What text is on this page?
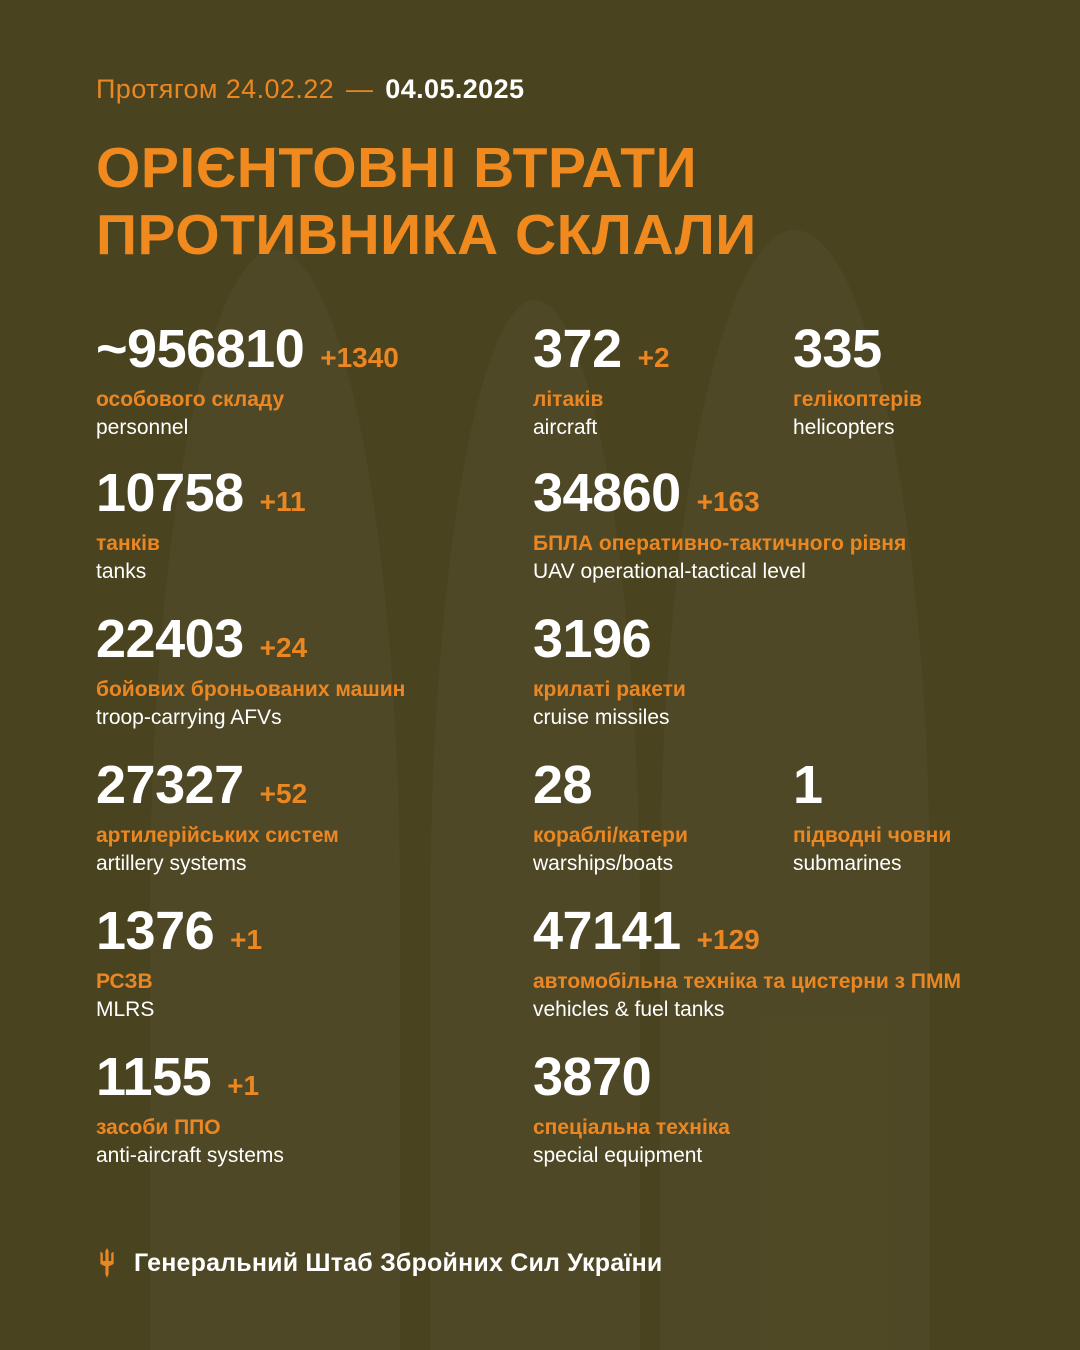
Протягом 24.02.22 — 04.05.2025
ОРІЄНТОВНІ ВТРАТИ
ПРОТИВНИКА СКЛАЛИ
~956810 +1340
особового складу
personnel
372 +2
літаків
aircraft
335
гелікоптерів
helicopters
10758 +11
танків
tanks
34860 +163
БПЛА оперативно-тактичного рівня
UAV operational-tactical level
22403 +24
бойових броньованих машин
troop-carrying AFVs
3196
крилаті ракети
cruise missiles
27327 +52
артилерійських систем
artillery systems
28
кораблі/катери
warships/boats
1
підводні човни
submarines
1376 +1
РСЗВ
MLRS
47141 +129
автомобільна техніка та цистерни з ПММ
vehicles & fuel tanks
1155 +1
засоби ППО
anti-aircraft systems
3870
спеціальна техніка
special equipment
Генеральний Штаб Збройних Сил України
